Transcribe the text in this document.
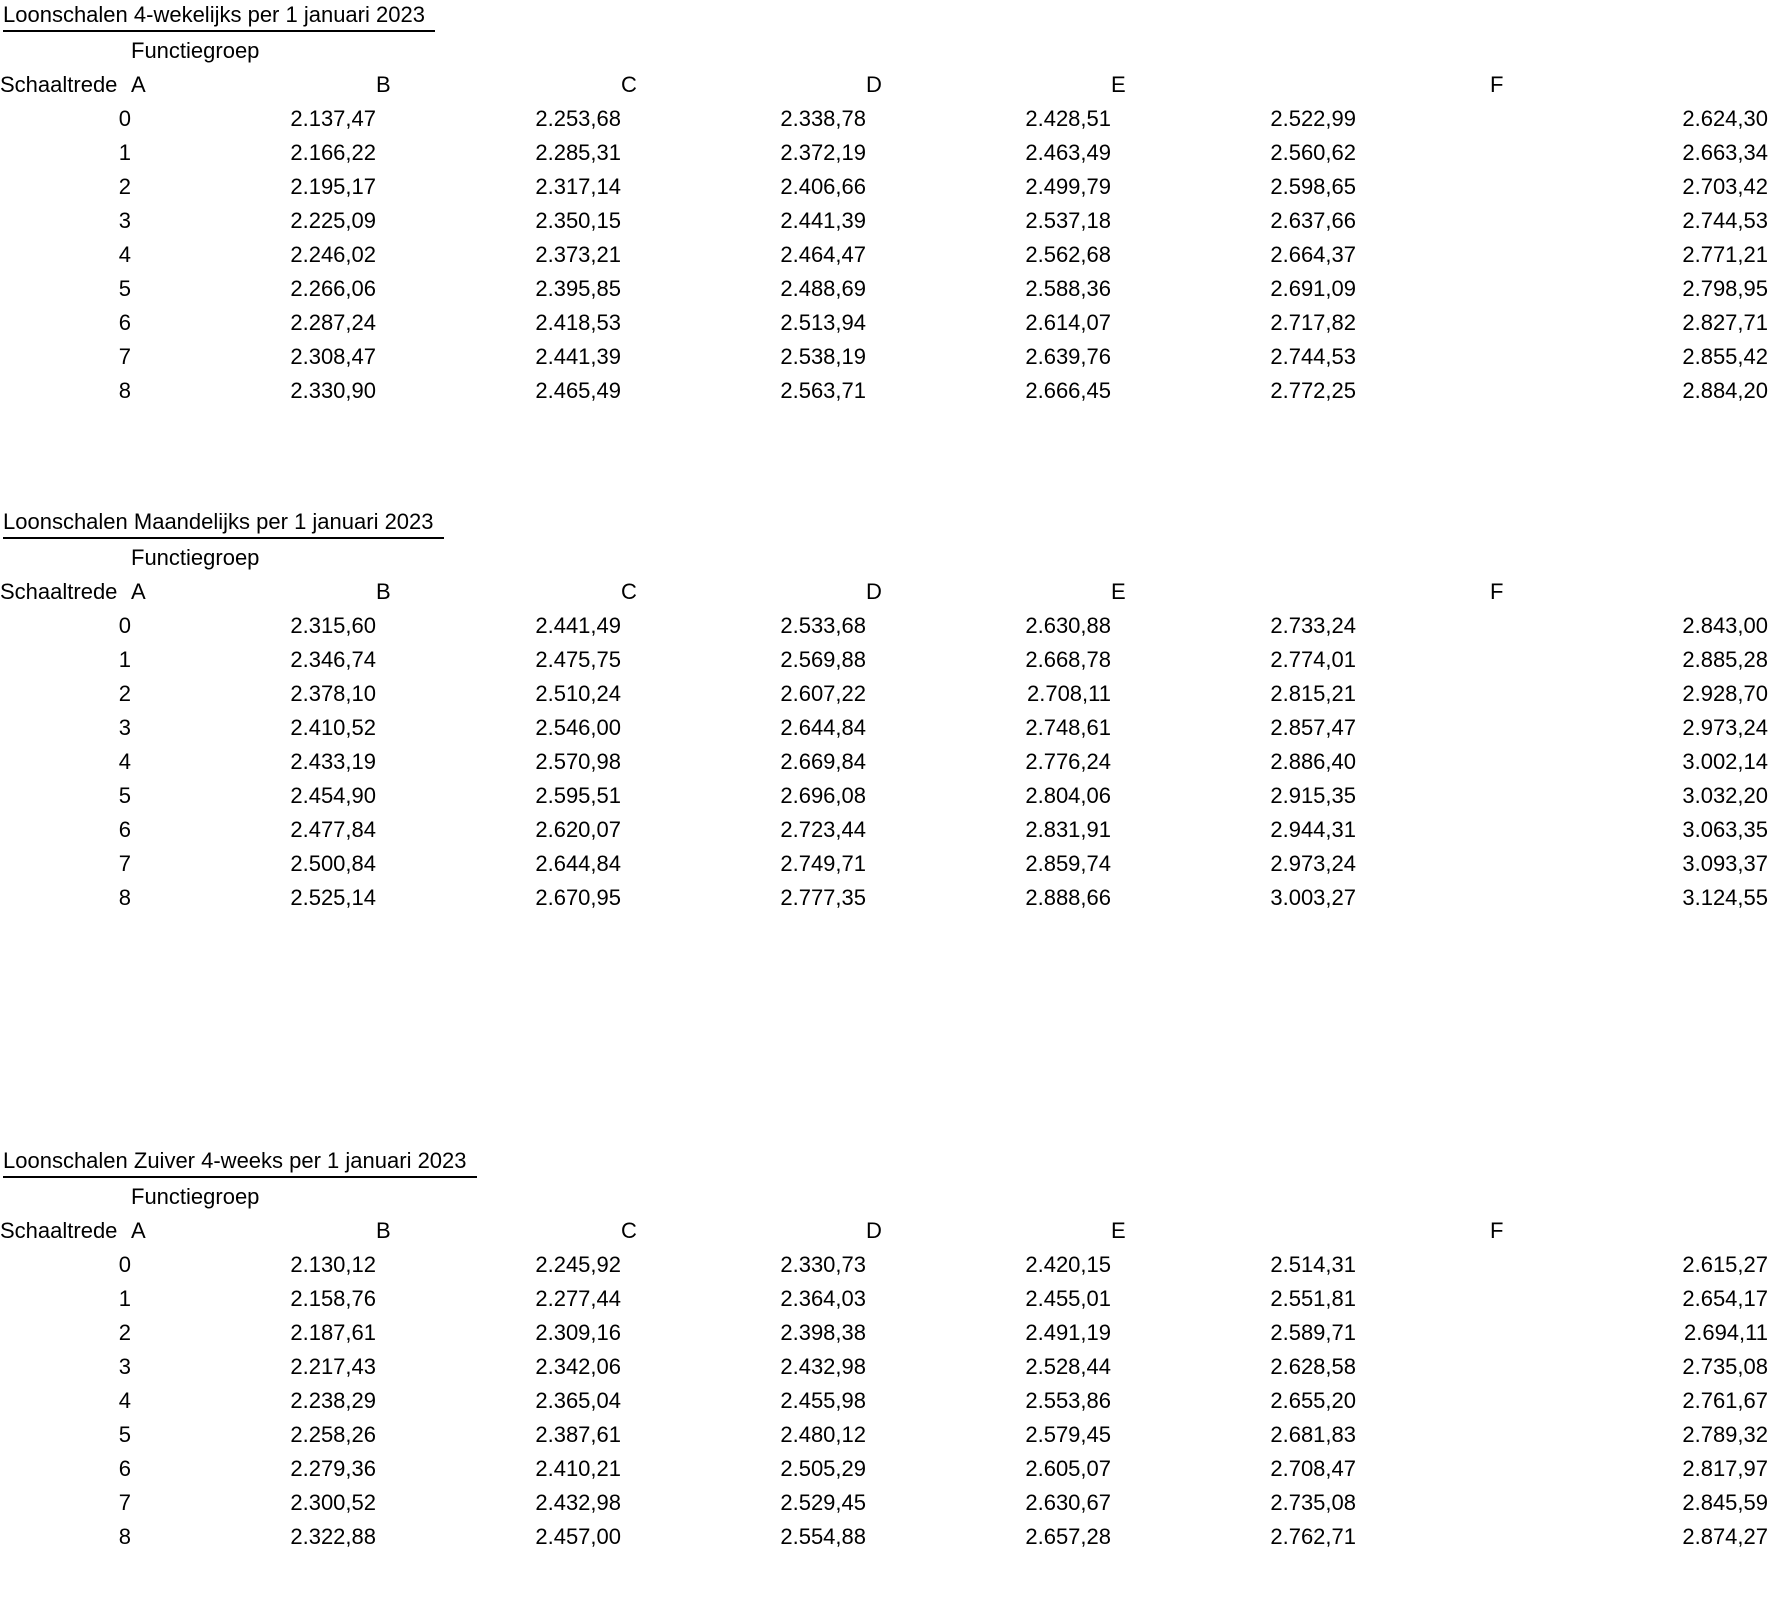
Loonschalen 4-wekelijks per 1 januari 2023
	Functiegroep					
Schaaltrede	A	B	C	D	E	F
0	2.137,47	2.253,68	2.338,78	2.428,51	2.522,99	2.624,30
1	2.166,22	2.285,31	2.372,19	2.463,49	2.560,62	2.663,34
2	2.195,17	2.317,14	2.406,66	2.499,79	2.598,65	2.703,42
3	2.225,09	2.350,15	2.441,39	2.537,18	2.637,66	2.744,53
4	2.246,02	2.373,21	2.464,47	2.562,68	2.664,37	2.771,21
5	2.266,06	2.395,85	2.488,69	2.588,36	2.691,09	2.798,95
6	2.287,24	2.418,53	2.513,94	2.614,07	2.717,82	2.827,71
7	2.308,47	2.441,39	2.538,19	2.639,76	2.744,53	2.855,42
8	2.330,90	2.465,49	2.563,71	2.666,45	2.772,25	2.884,20
Loonschalen Maandelijks per 1 januari 2023
	Functiegroep					
Schaaltrede	A	B	C	D	E	F
0	2.315,60	2.441,49	2.533,68	2.630,88	2.733,24	2.843,00
1	2.346,74	2.475,75	2.569,88	2.668,78	2.774,01	2.885,28
2	2.378,10	2.510,24	2.607,22	2.708,11	2.815,21	2.928,70
3	2.410,52	2.546,00	2.644,84	2.748,61	2.857,47	2.973,24
4	2.433,19	2.570,98	2.669,84	2.776,24	2.886,40	3.002,14
5	2.454,90	2.595,51	2.696,08	2.804,06	2.915,35	3.032,20
6	2.477,84	2.620,07	2.723,44	2.831,91	2.944,31	3.063,35
7	2.500,84	2.644,84	2.749,71	2.859,74	2.973,24	3.093,37
8	2.525,14	2.670,95	2.777,35	2.888,66	3.003,27	3.124,55
Loonschalen Zuiver 4-weeks per 1 januari 2023
	Functiegroep					
Schaaltrede	A	B	C	D	E	F
0	2.130,12	2.245,92	2.330,73	2.420,15	2.514,31	2.615,27
1	2.158,76	2.277,44	2.364,03	2.455,01	2.551,81	2.654,17
2	2.187,61	2.309,16	2.398,38	2.491,19	2.589,71	2.694,11
3	2.217,43	2.342,06	2.432,98	2.528,44	2.628,58	2.735,08
4	2.238,29	2.365,04	2.455,98	2.553,86	2.655,20	2.761,67
5	2.258,26	2.387,61	2.480,12	2.579,45	2.681,83	2.789,32
6	2.279,36	2.410,21	2.505,29	2.605,07	2.708,47	2.817,97
7	2.300,52	2.432,98	2.529,45	2.630,67	2.735,08	2.845,59
8	2.322,88	2.457,00	2.554,88	2.657,28	2.762,71	2.874,27
